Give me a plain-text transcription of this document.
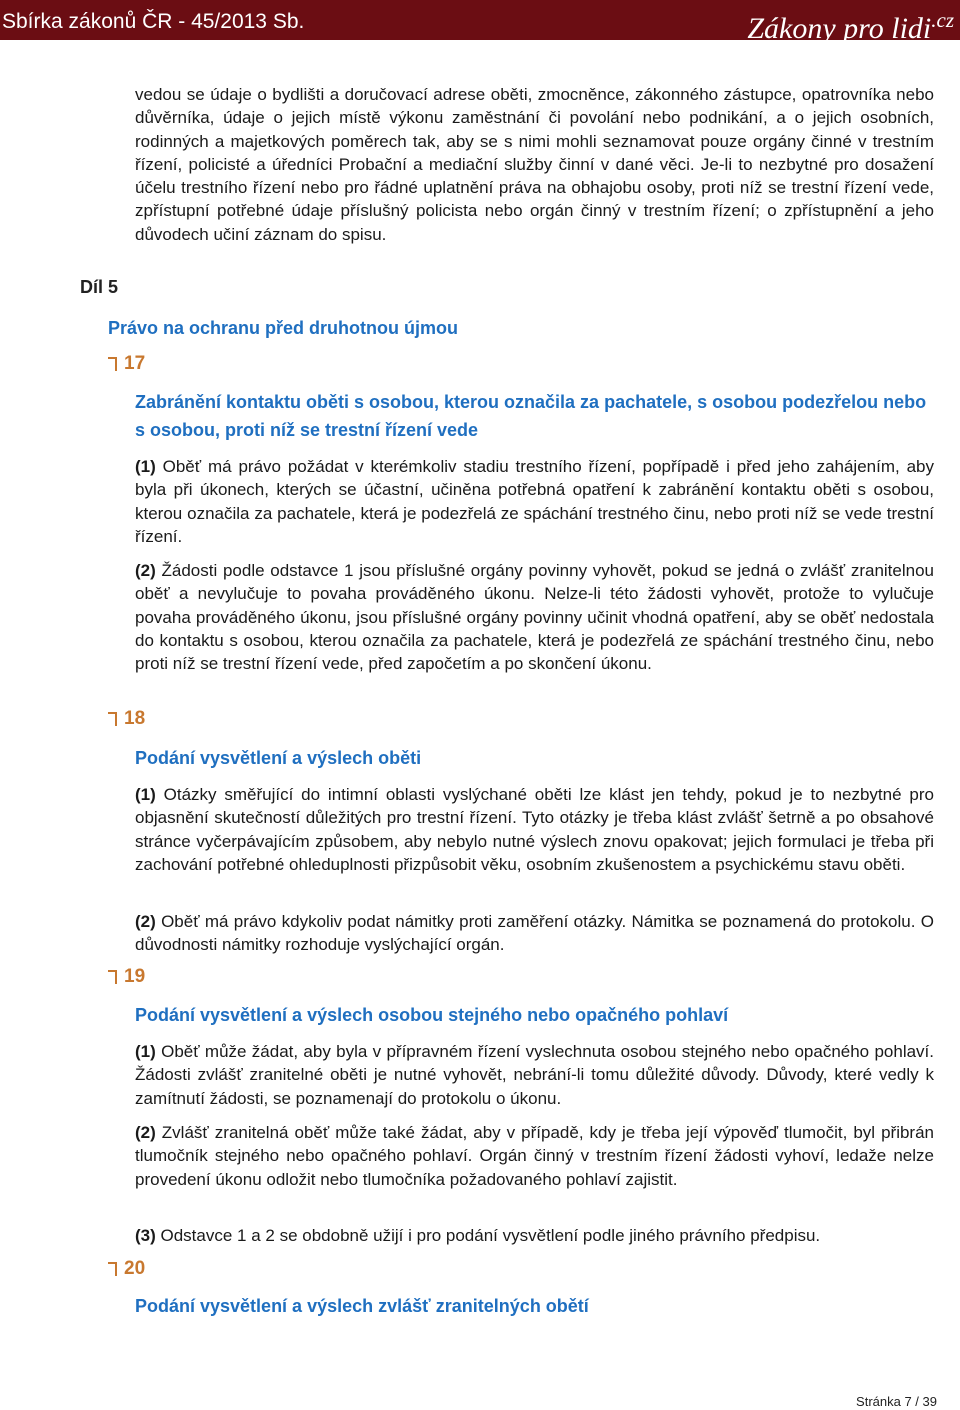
Sbírka zákonů ČR - 45/2013 Sb.	Zákony pro lidi$^{.cz}$

vedou se údaje o bydlišti a doručovací adrese oběti, zmocněnce, zákonného zástupce, opatrovníka nebo důvěrníka, údaje o jejich místě výkonu zaměstnání či povolání nebo podnikání, a o jejich osobních, rodinných a majetkových poměrech tak, aby se s nimi mohli seznamovat pouze orgány činné v trestním řízení, policisté a úředníci Probační a mediační služby činní v dané věci. Je-li to nezbytné pro dosažení účelu trestního řízení nebo pro řádné uplatnění práva na obhajobu osoby, proti níž se trestní řízení vede, zpřístupní potřebné údaje příslušný policista nebo orgán činný v trestním řízení; o zpřístupnění a jeho důvodech učiní záznam do spisu.

Díl 5
Právo na ochranu před druhotnou újmou
17
Zabránění kontaktu oběti s osobou, kterou označila za pachatele, s osobou podezřelou nebo s osobou, proti níž se trestní řízení vede

(1) Oběť má právo požádat v kterémkoliv stadiu trestního řízení, popřípadě i před jeho zahájením, aby byla při úkonech, kterých se účastní, učiněna potřebná opatření k zabránění kontaktu oběti s osobou, kterou označila za pachatele, která je podezřelá ze spáchání trestného činu, nebo proti níž se vede trestní řízení.

(2) Žádosti podle odstavce 1 jsou příslušné orgány povinny vyhovět, pokud se jedná o zvlášť zranitelnou oběť a nevylučuje to povaha prováděného úkonu. Nelze-li této žádosti vyhovět, protože to vylučuje povaha prováděného úkonu, jsou příslušné orgány povinny učinit vhodná opatření, aby se oběť nedostala do kontaktu s osobou, kterou označila za pachatele, která je podezřelá ze spáchání trestného činu, nebo proti níž se trestní řízení vede, před započetím a po skončení úkonu.

18
Podání vysvětlení a výslech oběti

(1) Otázky směřující do intimní oblasti vyslýchané oběti lze klást jen tehdy, pokud je to nezbytné pro objasnění skutečností důležitých pro trestní řízení. Tyto otázky je třeba klást zvlášť šetrně a po obsahové stránce vyčerpávajícím způsobem, aby nebylo nutné výslech znovu opakovat; jejich formulaci je třeba při zachování potřebné ohleduplnosti přizpůsobit věku, osobním zkušenostem a psychickému stavu oběti.

(2) Oběť má právo kdykoliv podat námitky proti zaměření otázky. Námitka se poznamená do protokolu. O důvodnosti námitky rozhoduje vyslýchající orgán.

19
Podání vysvětlení a výslech osobou stejného nebo opačného pohlaví

(1) Oběť může žádat, aby byla v přípravném řízení vyslechnuta osobou stejného nebo opačného pohlaví. Žádosti zvlášť zranitelné oběti je nutné vyhovět, nebrání-li tomu důležité důvody. Důvody, které vedly k zamítnutí žádosti, se poznamenají do protokolu o úkonu.

(2) Zvlášť zranitelná oběť může také žádat, aby v případě, kdy je třeba její výpověď tlumočit, byl přibrán tlumočník stejného nebo opačného pohlaví. Orgán činný v trestním řízení žádosti vyhoví, ledaže nelze provedení úkonu odložit nebo tlumočníka požadovaného pohlaví zajistit.

(3) Odstavce 1 a 2 se obdobně užijí i pro podání vysvětlení podle jiného právního předpisu.

20
Podání vysvětlení a výslech zvlášť zranitelných obětí
Stránka 7 / 39
